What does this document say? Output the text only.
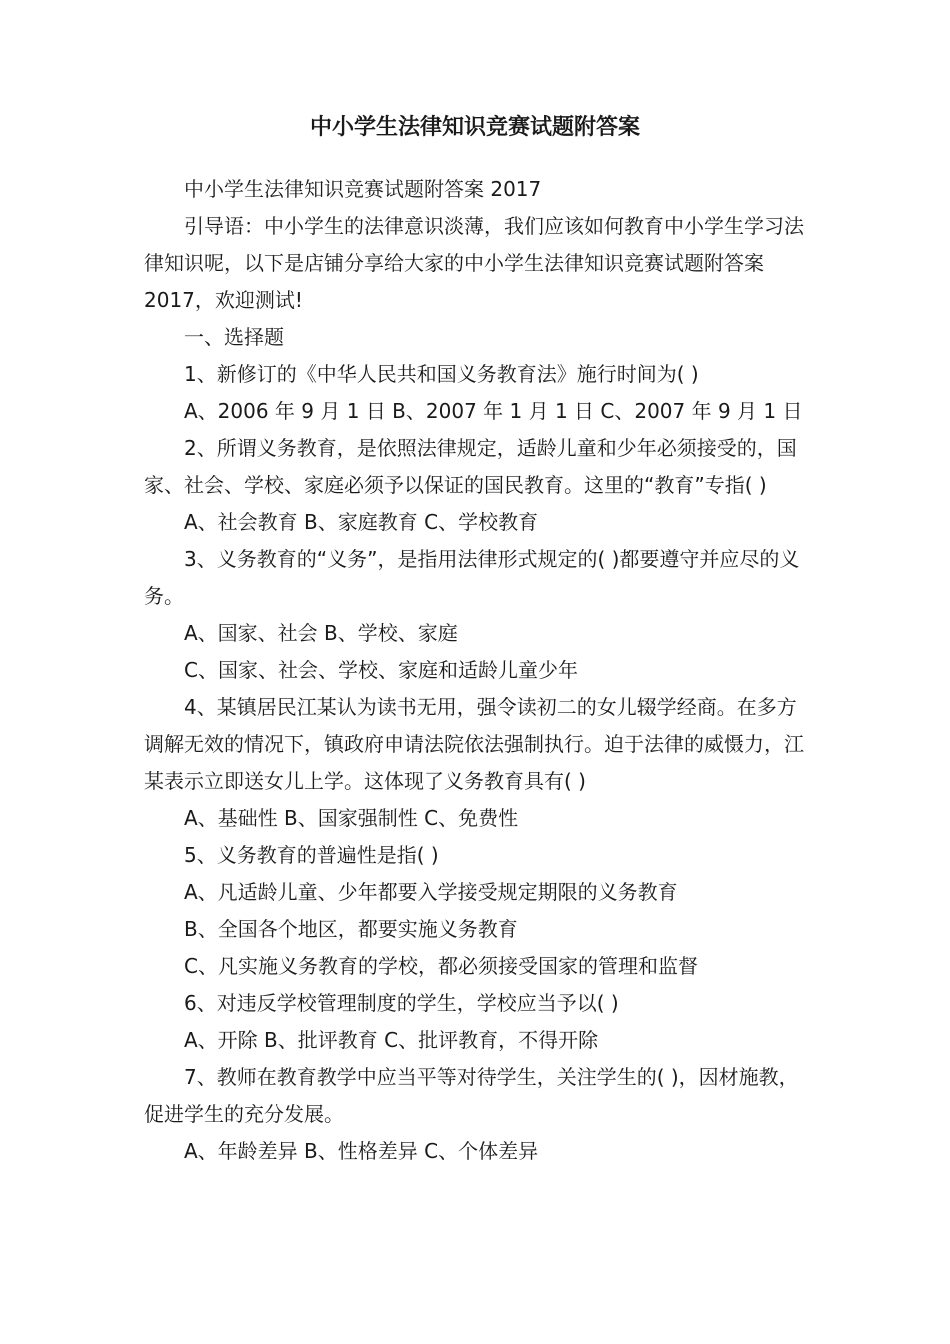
中小学生法律知识竞赛试题附答案

中小学生法律知识竞赛试题附答案 2017

引导语：中小学生的法律意识淡薄，我们应该如何教育中小学生学习法律知识呢，以下是店铺分享给大家的中小学生法律知识竞赛试题附答案 2017，欢迎测试!

一、选择题

1、新修订的《中华人民共和国义务教育法》施行时间为( )

A、2006 年 9 月 1 日 B、2007 年 1 月 1 日 C、2007 年 9 月 1 日

2、所谓义务教育，是依照法律规定，适龄儿童和少年必须接受的，国家、社会、学校、家庭必须予以保证的国民教育。这里的“教育”专指( )

A、社会教育 B、家庭教育 C、学校教育

3、义务教育的“义务”，是指用法律形式规定的( )都要遵守并应尽的义务。

A、国家、社会 B、学校、家庭

C、国家、社会、学校、家庭和适龄儿童少年

4、某镇居民江某认为读书无用，强令读初二的女儿辍学经商。在多方调解无效的情况下，镇政府申请法院依法强制执行。迫于法律的威慑力，江某表示立即送女儿上学。这体现了义务教育具有( )

A、基础性 B、国家强制性 C、免费性

5、义务教育的普遍性是指( )

A、凡适龄儿童、少年都要入学接受规定期限的义务教育

B、全国各个地区，都要实施义务教育

C、凡实施义务教育的学校，都必须接受国家的管理和监督

6、对违反学校管理制度的学生，学校应当予以( )

A、开除 B、批评教育 C、批评教育，不得开除

7、教师在教育教学中应当平等对待学生，关注学生的( )，因材施教，促进学生的充分发展。

A、年龄差异 B、性格差异 C、个体差异
